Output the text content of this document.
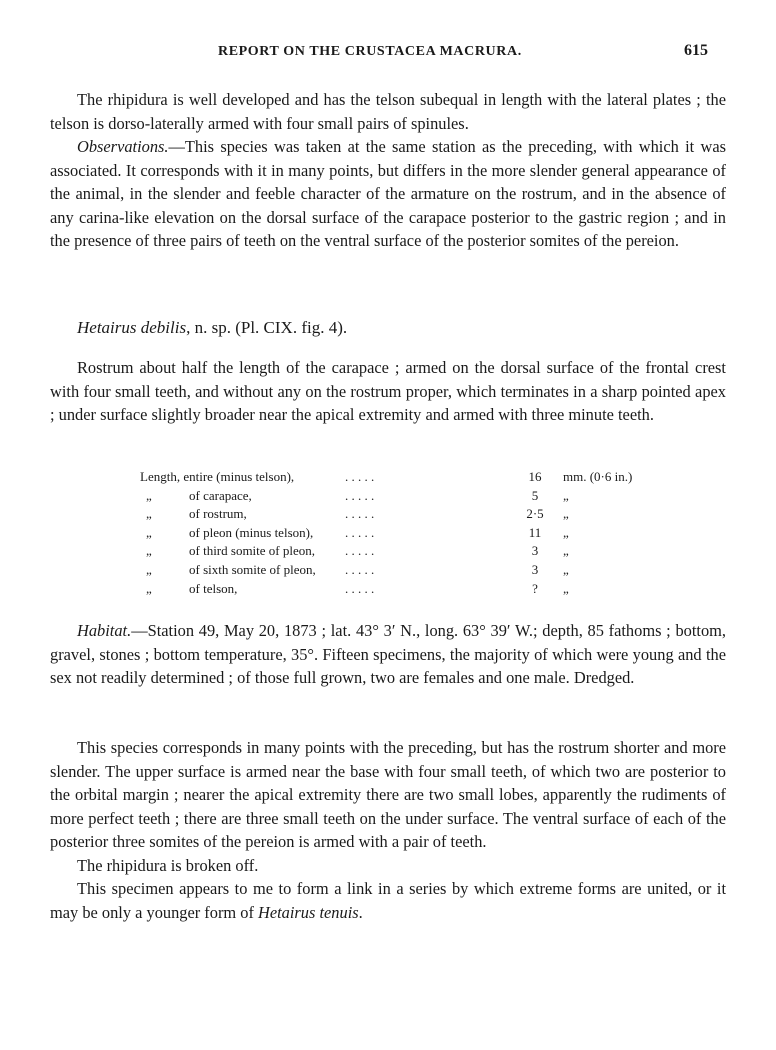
REPORT ON THE CRUSTACEA MACRURA.	615

The rhipidura is well developed and has the telson subequal in length with the lateral plates ; the telson is dorso-laterally armed with four small pairs of spinules.

Observations.—This species was taken at the same station as the preceding, with which it was associated. It corresponds with it in many points, but differs in the more slender general appearance of the animal, in the slender and feeble character of the armature on the rostrum, and in the absence of any carina-like elevation on the dorsal surface of the carapace posterior to the gastric region ; and in the presence of three pairs of teeth on the ventral surface of the posterior somites of the pereion.

Hetairus debilis, n. sp. (Pl. CIX. fig. 4).

Rostrum about half the length of the carapace ; armed on the dorsal surface of the frontal crest with four small teeth, and without any on the rostrum proper, which terminates in a sharp pointed apex ; under surface slightly broader near the apical extremity and armed with three minute teeth.

Length, entire (minus telson),	. . . . .	16	mm. (0·6 in.)
„	of carapace,	. . . . .	5	„
„	of rostrum,	. . . . .	2·5	„
„	of pleon (minus telson), . . . . .	11	„
„	of third somite of pleon, . . . . .	3	„
„	of sixth somite of pleon, . . . . .	3	„
„	of telson,	. . . . .	?	„

Habitat.—Station 49, May 20, 1873 ; lat. 43° 3′ N., long. 63° 39′ W.; depth, 85 fathoms ; bottom, gravel, stones ; bottom temperature, 35°. Fifteen specimens, the majority of which were young and the sex not readily determined ; of those full grown, two are females and one male. Dredged.

This species corresponds in many points with the preceding, but has the rostrum shorter and more slender. The upper surface is armed near the base with four small teeth, of which two are posterior to the orbital margin ; nearer the apical extremity there are two small lobes, apparently the rudiments of more perfect teeth ; there are three small teeth on the under surface. The ventral surface of each of the posterior three somites of the pereion is armed with a pair of teeth.

The rhipidura is broken off.

This specimen appears to me to form a link in a series by which extreme forms are united, or it may be only a younger form of Hetairus tenuis.
